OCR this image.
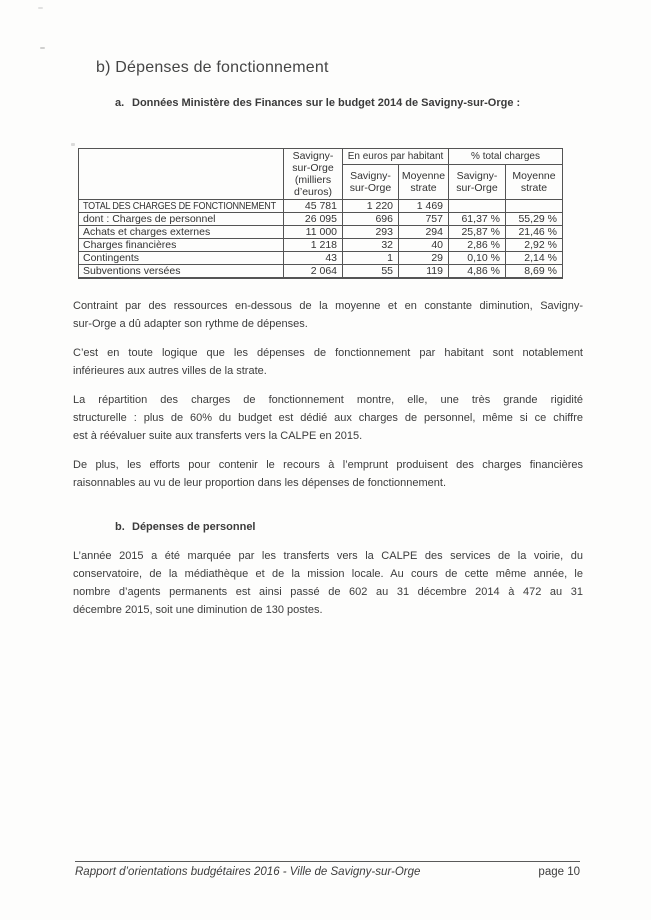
b) Dépenses de fonctionnement
a. Données Ministère des Finances sur le budget 2014 de Savigny-sur-Orge :
	Savigny-sur-Orge (milliers d’euros)	En euros par habitant		% total charges	
		Savigny-sur-Orge	Moyenne strate	Savigny-sur-Orge	Moyenne strate
TOTAL DES CHARGES DE FONCTIONNEMENT	45 781	1 220	1 469		
dont : Charges de personnel	26 095	696	757	61,37 %	55,29 %
Achats et charges externes	11 000	293	294	25,87 %	21,46 %
Charges financières	1 218	32	40	2,86 %	2,92 %
Contingents	43	1	29	0,10 %	2,14 %
Subventions versées	2 064	55	119	4,86 %	8,69 %
Contraint par des ressources en-dessous de la moyenne et en constante diminution, Savigny-
sur-Orge a dû adapter son rythme de dépenses.
C’est en toute logique que les dépenses de fonctionnement par habitant sont notablement
inférieures aux autres villes de la strate.
La répartition des charges de fonctionnement montre, elle, une très grande rigidité
structurelle : plus de 60% du budget est dédié aux charges de personnel, même si ce chiffre
est à réévaluer suite aux transferts vers la CALPE en 2015.
De plus, les efforts pour contenir le recours à l’emprunt produisent des charges financières
raisonnables au vu de leur proportion dans les dépenses de fonctionnement.
b. Dépenses de personnel
L’année 2015 a été marquée par les transferts vers la CALPE des services de la voirie, du
conservatoire, de la médiathèque et de la mission locale. Au cours de cette même année, le
nombre d’agents permanents est ainsi passé de 602 au 31 décembre 2014 à 472 au 31
décembre 2015, soit une diminution de 130 postes.
Rapport d’orientations budgétaires 2016 - Ville de Savigny-sur-Orge	page 10
